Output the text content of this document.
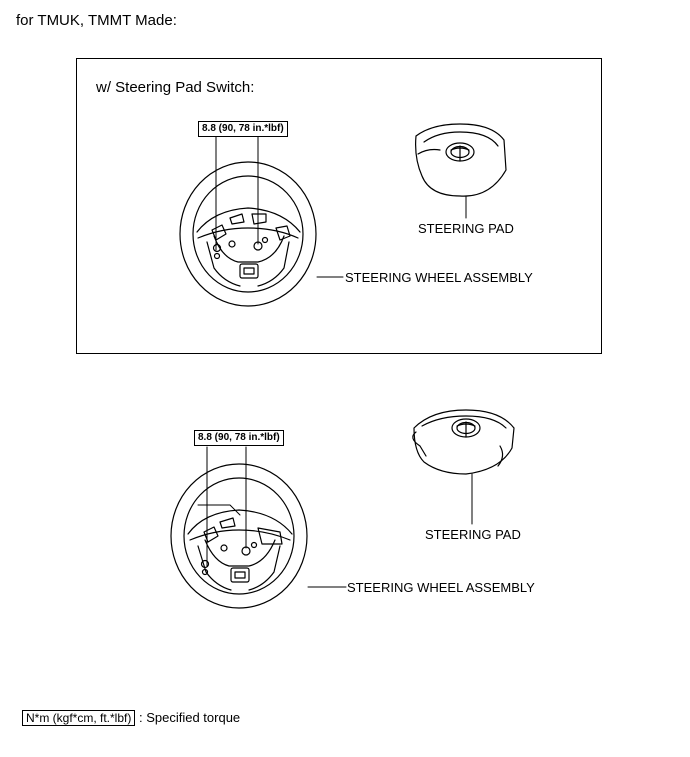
for TMUK, TMMT Made:
w/ Steering Pad Switch:
8.8 (90, 78 in.*lbf)
STEERING PAD
STEERING WHEEL ASSEMBLY
8.8 (90, 78 in.*lbf)
STEERING PAD
STEERING WHEEL ASSEMBLY
N*m (kgf*cm, ft.*lbf) : Specified torque
